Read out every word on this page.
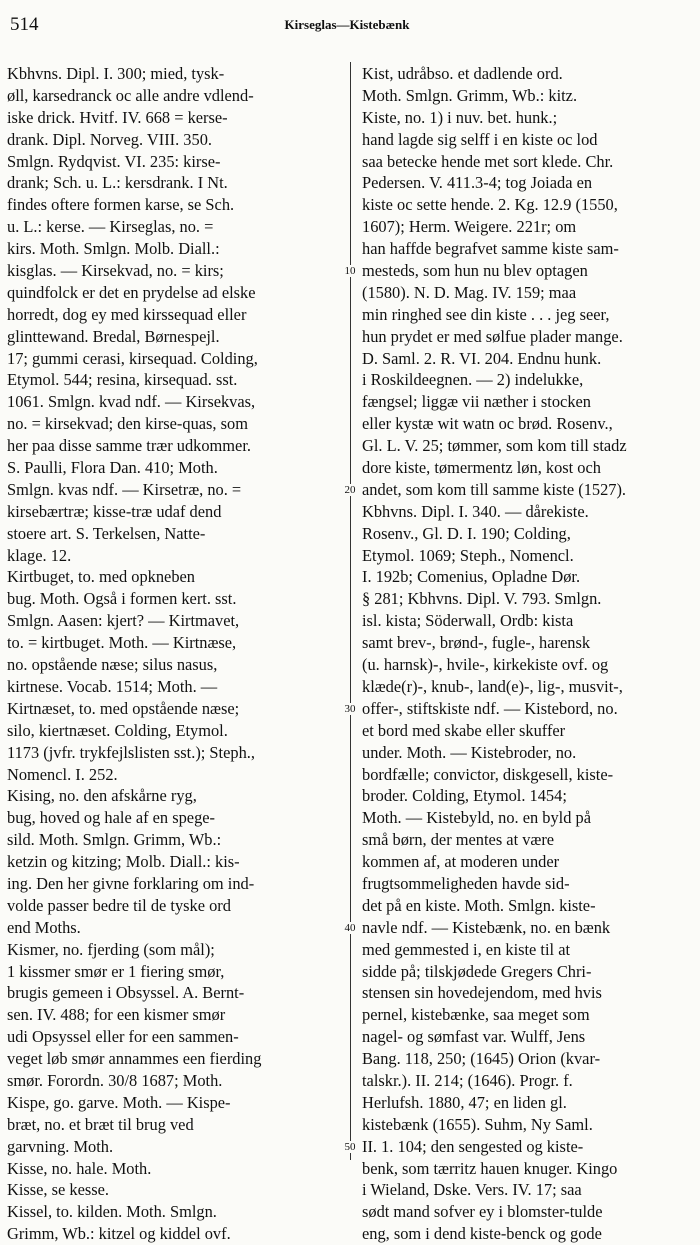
514	Kirseglas—Kistebænk
Kbhvns. Dipl. I. 300; mied, tysk-
øll, karsedranck oc alle andre vdlend-
iske drick. Hvitf. IV. 668 = kerse-
drank. Dipl. Norveg. VIII. 350.
Smlgn. Rydqvist. VI. 235: kirse-
drank; Sch. u. L.: kersdrank. I Nt.
findes oftere formen karse, se Sch.
u. L.: kerse. — Kirseglas, no. =
kirs. Moth. Smlgn. Molb. Diall.:
kisglas. — Kirsekvad, no. = kirs;
quindfolck er det en prydelse ad elske
horredt, dog ey med kirssequad eller
glinttewand. Bredal, Børnespejl.
17; gummi cerasi, kirsequad. Colding,
Etymol. 544; resina, kirsequad. sst.
1061. Smlgn. kvad ndf. — Kirsekvas,
no. = kirsekvad; den kirse-quas, som
her paa disse samme trær udkommer.
S. Paulli, Flora Dan. 410; Moth.
Smlgn. kvas ndf. — Kirsetræ, no. =
kirsebærtræ; kisse-træ udaf dend
stoere art. S. Terkelsen, Natte-
klage. 12.
Kirtbuget, to. med opkneben
bug. Moth. Også i formen kert. sst.
Smlgn. Aasen: kjert? — Kirtmavet,
to. = kirtbuget. Moth. — Kirtnæse,
no. opstående næse; silus nasus,
kirtnese. Vocab. 1514; Moth. —
Kirtnæset, to. med opstående næse;
silo, kiertnæset. Colding, Etymol.
1173 (jvfr. trykfejlslisten sst.); Steph.,
Nomencl. I. 252.
Kising, no. den afskårne ryg,
bug, hoved og hale af en spege-
sild. Moth. Smlgn. Grimm, Wb.:
ketzin og kitzing; Molb. Diall.: kis-
ing. Den her givne forklaring om ind-
volde passer bedre til de tyske ord
end Moths.
Kismer, no. fjerding (som mål);
1 kissmer smør er 1 fiering smør,
brugis gemeen i Obsyssel. A. Bernt-
sen. IV. 488; for een kismer smør
udi Opsyssel eller for een sammen-
veget løb smør annammes een fierding
smør. Forordn. 30/8 1687; Moth.
Kispe, go. garve. Moth. — Kispe-
bræt, no. et bræt til brug ved
garvning. Moth.
Kisse, no. hale. Moth.
Kisse, se kesse.
Kissel, to. kilden. Moth. Smlgn.
Grimm, Wb.: kitzel og kiddel ovf.
10
20
30
40
50
Kist, udråbso. et dadlende ord.
Moth. Smlgn. Grimm, Wb.: kitz.
Kiste, no. 1) i nuv. bet. hunk.;
hand lagde sig selff i en kiste oc lod
saa betecke hende met sort klede. Chr.
Pedersen. V. 411.3-4; tog Joiada en
kiste oc sette hende. 2. Kg. 12.9 (1550,
1607); Herm. Weigere. 221r; om
han haffde begrafvet samme kiste sam-
mesteds, som hun nu blev optagen
(1580). N. D. Mag. IV. 159; maa
min ringhed see din kiste . . . jeg seer,
hun prydet er med sølfue plader mange.
D. Saml. 2. R. VI. 204. Endnu hunk.
i Roskildeegnen. — 2) indelukke,
fængsel; liggæ vii næther i stocken
eller kystæ wit watn oc brød. Rosenv.,
Gl. L. V. 25; tømmer, som kom till stadz
dore kiste, tømermentz løn, kost och
andet, som kom till samme kiste (1527).
Kbhvns. Dipl. I. 340. — dårekiste.
Rosenv., Gl. D. I. 190; Colding,
Etymol. 1069; Steph., Nomencl.
I. 192b; Comenius, Opladne Dør.
§ 281; Kbhvns. Dipl. V. 793. Smlgn.
isl. kista; Söderwall, Ordb: kista
samt brev-, brønd-, fugle-, harensk
(u. harnsk)-, hvile-, kirkekiste ovf. og
klæde(r)-, knub-, land(e)-, lig-, musvit-,
offer-, stiftskiste ndf. — Kistebord, no.
et bord med skabe eller skuffer
under. Moth. — Kistebroder, no.
bordfælle; convictor, diskgesell, kiste-
broder. Colding, Etymol. 1454;
Moth. — Kistebyld, no. en byld på
små børn, der mentes at være
kommen af, at moderen under
frugtsommeligheden havde sid-
det på en kiste. Moth. Smlgn. kiste-
navle ndf. — Kistebænk, no. en bænk
med gemmested i, en kiste til at
sidde på; tilskjødede Gregers Chri-
stensen sin hovedejendom, med hvis
pernel, kistebænke, saa meget som
nagel- og sømfast var. Wulff, Jens
Bang. 118, 250; (1645) Orion (kvar-
talskr.). II. 214; (1646). Progr. f.
Herlufsh. 1880, 47; en liden gl.
kistebænk (1655). Suhm, Ny Saml.
II. 1. 104; den sengested og kiste-
benk, som tærritz hauen knuger. Kingo
i Wieland, Dske. Vers. IV. 17; saa
sødt mand sofver ey i blomster-tulde
eng, som i dend kiste-benck og gode
